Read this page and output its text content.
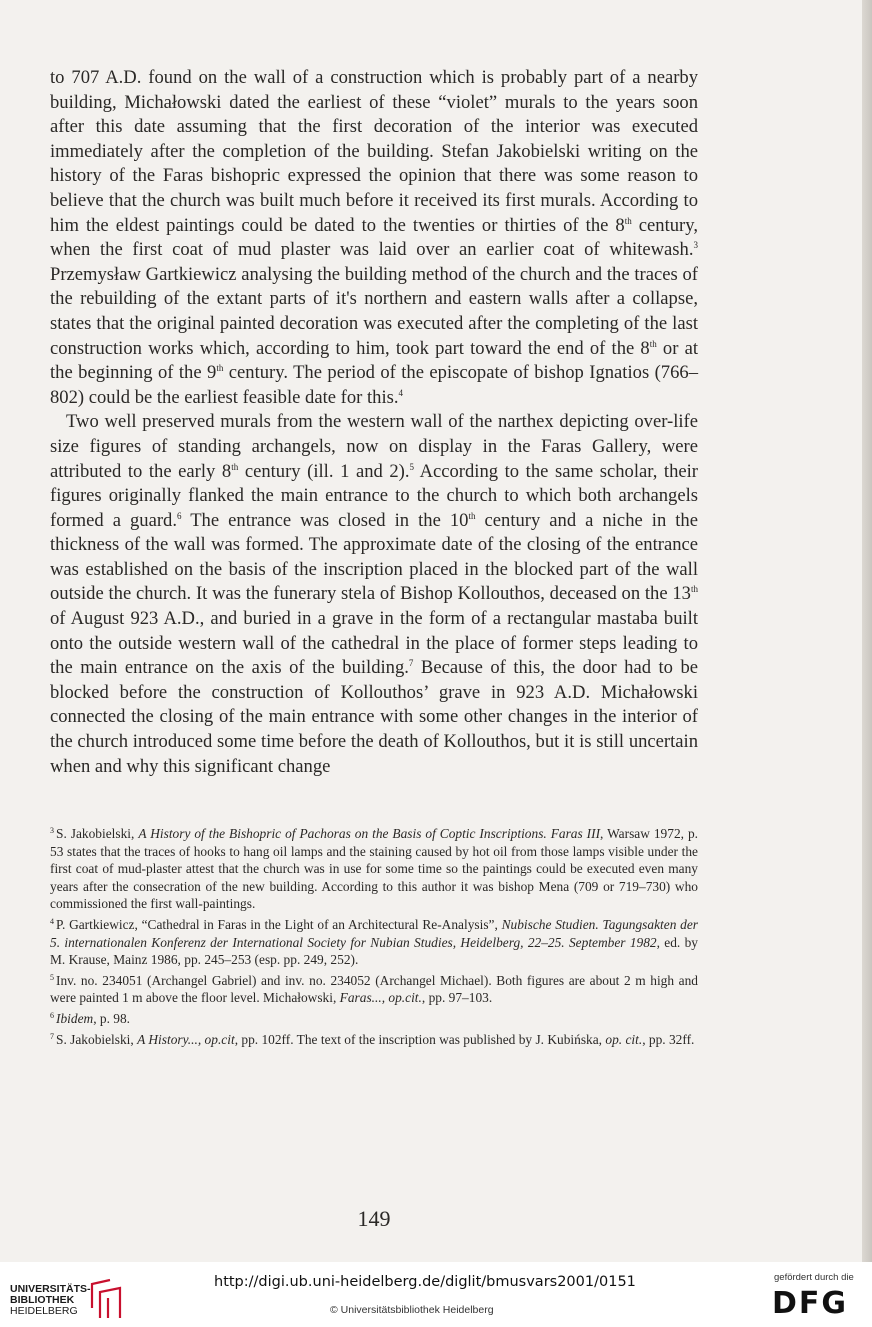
to 707 A.D. found on the wall of a construction which is probably part of a nearby building, Michałowski dated the earliest of these “violet” murals to the years soon after this date assuming that the first decoration of the interior was executed immediately after the completion of the building. Stefan Jakobielski writing on the history of the Faras bishopric expressed the opinion that there was some reason to believe that the church was built much before it received its first murals. According to him the eldest paintings could be dated to the twenties or thirties of the 8th century, when the first coat of mud plaster was laid over an earlier coat of whitewash.$^3$ Przemysław Gartkiewicz analysing the building method of the church and the traces of the rebuilding of the extant parts of it's northern and eastern walls after a collapse, states that the original painted decoration was executed after the completing of the last construction works which, according to him, took part toward the end of the 8th or at the beginning of the 9th century. The period of the episcopate of bishop Ignatios (766–802) could be the earliest feasible date for this.$^4$

Two well preserved murals from the western wall of the narthex depicting over-life size figures of standing archangels, now on display in the Faras Gallery, were attributed to the early 8th century (ill. 1 and 2).$^5$ According to the same scholar, their figures originally flanked the main entrance to the church to which both archangels formed a guard.$^6$ The entrance was closed in the 10th century and a niche in the thickness of the wall was formed. The approximate date of the closing of the entrance was established on the basis of the inscription placed in the blocked part of the wall outside the church. It was the funerary stela of Bishop Kollouthos, deceased on the 13th of August 923 A.D., and buried in a grave in the form of a rectangular mastaba built onto the outside western wall of the cathedral in the place of former steps leading to the main entrance on the axis of the building.$^7$ Because of this, the door had to be blocked before the construction of Kollouthos’ grave in 923 A.D. Michałowski connected the closing of the main entrance with some other changes in the interior of the church introduced some time before the death of Kollouthos, but it is still uncertain when and why this significant change

$^3$ S. Jakobielski, A History of the Bishopric of Pachoras on the Basis of Coptic Inscriptions. Faras III, Warsaw 1972, p. 53 states that the traces of hooks to hang oil lamps and the staining caused by hot oil from those lamps visible under the first coat of mud-plaster attest that the church was in use for some time so the paintings could be executed even many years after the consecration of the new building. According to this author it was bishop Mena (709 or 719–730) who commissioned the first wall-paintings.

$^4$ P. Gartkiewicz, “Cathedral in Faras in the Light of an Architectural Re-Analysis”, Nubische Studien. Tagungsakten der 5. internationalen Konferenz der International Society for Nubian Studies, Heidelberg, 22–25. September 1982, ed. by M. Krause, Mainz 1986, pp. 245–253 (esp. pp. 249, 252).

$^5$ Inv. no. 234051 (Archangel Gabriel) and inv. no. 234052 (Archangel Michael). Both figures are about 2 m high and were painted 1 m above the floor level. Michałowski, Faras..., op.cit., pp. 97–103.

$^6$ Ibidem, p. 98.

$^7$ S. Jakobielski, A History..., op.cit, pp. 102ff. The text of the inscription was published by J. Kubińska, op. cit., pp. 32ff.

149
UNIVERSITÄTS-
BIBLIOTHEK
HEIDELBERG
http://digi.ub.uni-heidelberg.de/diglit/bmusvars2001/0151
© Universitätsbibliothek Heidelberg
gefördert durch die
DFG
